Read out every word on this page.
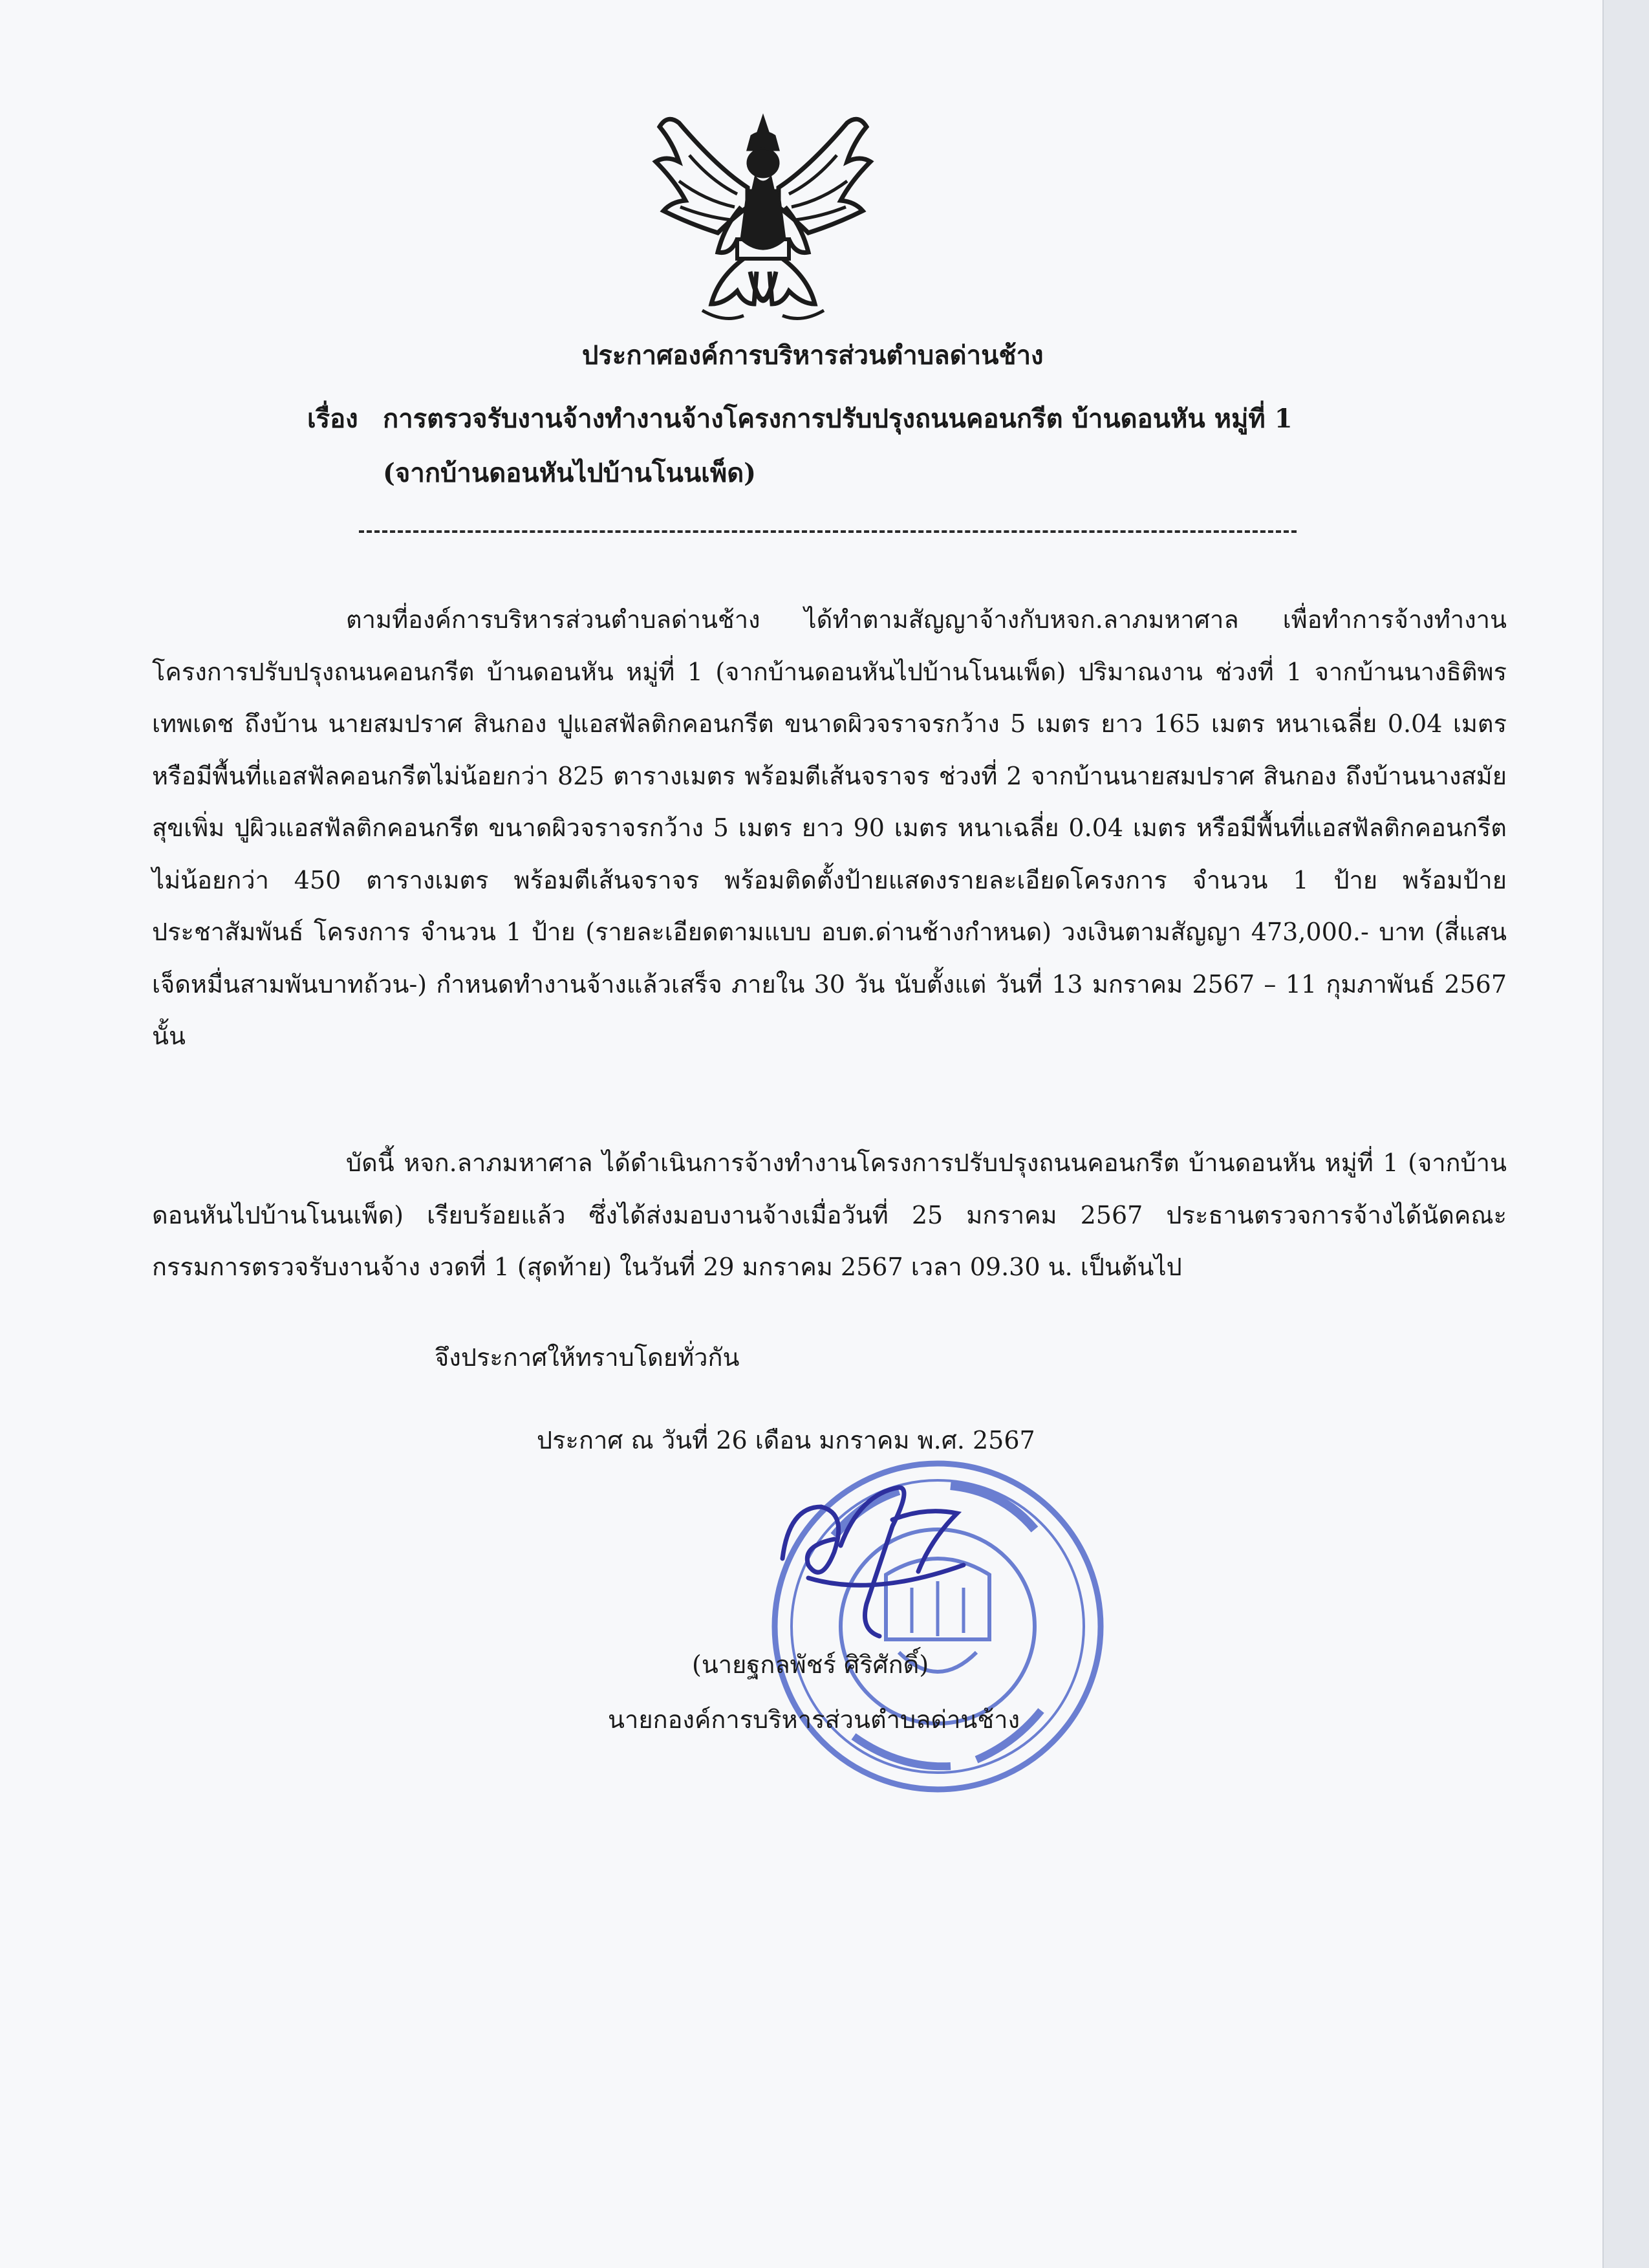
ประกาศองค์การบริหารส่วนตำบลด่านช้าง
เรื่อง การตรวจรับงานจ้างทำงานจ้างโครงการปรับปรุงถนนคอนกรีต บ้านดอนหัน หมู่ที่ 1
(จากบ้านดอนหันไปบ้านโนนเพ็ด)
ตามที่องค์การบริหารส่วนตำบลด่านช้าง ได้ทำตามสัญญาจ้างกับหจก.ลาภมหาศาล เพื่อทำการจ้างทำงานโครงการปรับปรุงถนนคอนกรีต บ้านดอนหัน หมู่ที่ 1 (จากบ้านดอนหันไปบ้านโนนเพ็ด) ปริมาณงาน ช่วงที่ 1 จากบ้านนางธิติพร เทพเดช ถึงบ้าน นายสมปราศ สินกอง ปูแอสฟัลติกคอนกรีต ขนาดผิวจราจรกว้าง 5 เมตร ยาว 165 เมตร หนาเฉลี่ย 0.04 เมตร หรือมีพื้นที่แอสฟัลคอนกรีตไม่น้อยกว่า 825 ตารางเมตร พร้อมตีเส้นจราจร ช่วงที่ 2 จากบ้านนายสมปราศ สินกอง ถึงบ้านนางสมัย สุขเพิ่ม ปูผิวแอสฟัลติกคอนกรีต ขนาดผิวจราจรกว้าง 5 เมตร ยาว 90 เมตร หนาเฉลี่ย 0.04 เมตร หรือมีพื้นที่แอสฟัลติกคอนกรีตไม่น้อยกว่า 450 ตารางเมตร พร้อมตีเส้นจราจร พร้อมติดตั้งป้ายแสดงรายละเอียดโครงการ จำนวน 1 ป้าย พร้อมป้ายประชาสัมพันธ์ โครงการ จำนวน 1 ป้าย (รายละเอียดตามแบบ อบต.ด่านช้างกำหนด) วงเงินตามสัญญา 473,000.- บาท (สี่แสนเจ็ดหมื่นสามพันบาทถ้วน-) กำหนดทำงานจ้างแล้วเสร็จ ภายใน 30 วัน นับตั้งแต่ วันที่ 13 มกราคม 2567 – 11 กุมภาพันธ์ 2567 นั้น
บัดนี้ หจก.ลาภมหาศาล ได้ดำเนินการจ้างทำงานโครงการปรับปรุงถนนคอนกรีต บ้านดอนหัน หมู่ที่ 1 (จากบ้านดอนหันไปบ้านโนนเพ็ด) เรียบร้อยแล้ว ซึ่งได้ส่งมอบงานจ้างเมื่อวันที่ 25 มกราคม 2567 ประธานตรวจการจ้างได้นัดคณะกรรมการตรวจรับงานจ้าง งวดที่ 1 (สุดท้าย) ในวันที่ 29 มกราคม 2567 เวลา 09.30 น. เป็นต้นไป
จึงประกาศให้ทราบโดยทั่วกัน
ประกาศ ณ วันที่ 26 เดือน มกราคม พ.ศ. 2567
(นายฐกลพัชร์ ศิริศักดิ์)
นายกองค์การบริหารส่วนตำบลด่านช้าง
